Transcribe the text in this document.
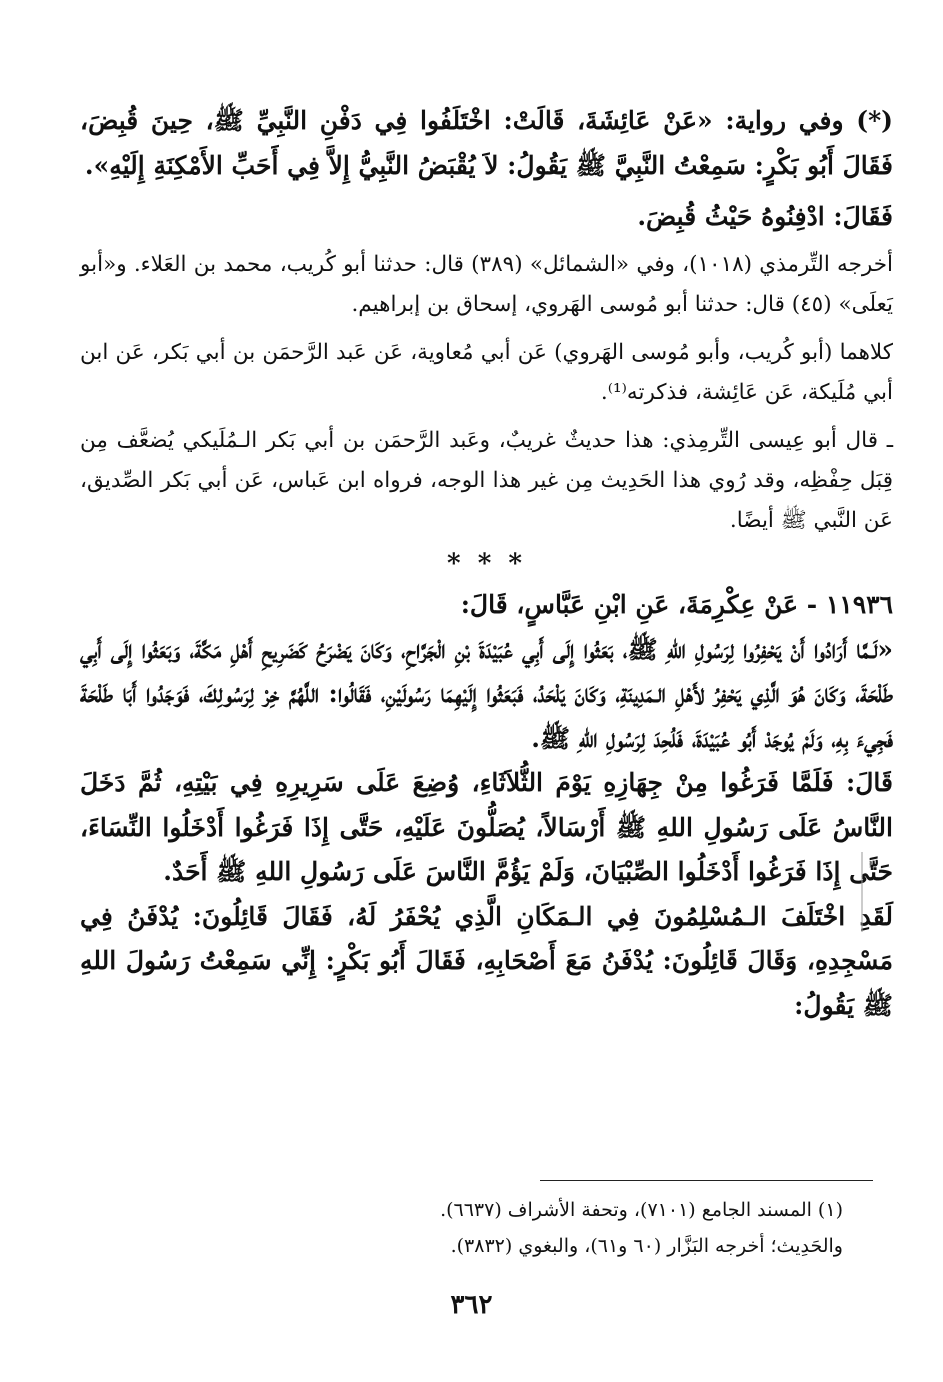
(*) وفي رواية: «عَنْ عَائِشَةَ، قَالَتْ: اخْتَلَفُوا فِي دَفْنِ النَّبِيِّ ﷺ، حِينَ قُبِضَ، فَقَالَ أَبُو بَكْرٍ: سَمِعْتُ النَّبِيَّ ﷺ يَقُولُ: لاَ يُقْبَضُ النَّبِيُّ إِلاَّ فِي أَحَبِّ الأَمْكِنَةِ إِلَيْهِ».

فَقَالَ: ادْفِنُوهُ حَيْثُ قُبِضَ.

أخرجه التِّرمذي (١٠١٨)، وفي «الشمائل» (٣٨٩) قال: حدثنا أبو كُريب، محمد بن العَلاء. و«أبو يَعلَى» (٤٥) قال: حدثنا أبو مُوسى الهَروي، إسحاق بن إبراهيم.

كلاهما (أبو كُريب، وأبو مُوسى الهَروي) عَن أبي مُعاوية، عَن عَبد الرَّحمَن بن أبي بَكر، عَن ابن أبي مُلَيكة، عَن عَائِشة، فذكرته⁽¹⁾.

ـ قال أبو عِيسى التِّرمِذي: هذا حديثٌ غريبٌ، وعَبد الرَّحمَن بن أبي بَكر الـمُلَيكي يُضعَّف مِن قِبَل حِفْظِه، وقد رُوي هذا الحَدِيث مِن غير هذا الوجه، فرواه ابن عَباس، عَن أبي بَكر الصِّديق، عَن النَّبي ﷺ أيضًا.

* * *

١١٩٣٦ - عَنْ عِكْرِمَةَ، عَنِ ابْنِ عَبَّاسٍ، قَالَ:

«لَـمَّا أَرَادُوا أَنْ يَحْفِرُوا لِرَسُولِ اللهِ ﷺ، بَعَثُوا إِلَى أَبِي عُبَيْدَةَ بْنِ الْجَرَّاحِ، وَكَانَ يَضْرَحُ كَضَرِيحِ أَهْلِ مَكَّةَ، وَبَعَثُوا إِلَى أَبِي طَلْحَةَ، وَكَانَ هُوَ الَّذِي يَحْفِرُ لأَهْلِ الـمَدِينَةِ، وَكَانَ يَلْحَدُ، فَبَعَثُوا إِلَيْهِمَا رَسُولَيْنِ، فَقَالُوا: اللَّهُمَّ خِرْ لِرَسُولِكَ، فَوَجَدُوا أَبَا طَلْحَةَ فَجِيءَ بِهِ، وَلَمْ يُوجَدْ أَبُو عُبَيْدَةَ، فَلُحِدَ لِرَسُولِ اللهِ ﷺ.

قَالَ: فَلَمَّا فَرَغُوا مِنْ جِهَازِهِ يَوْمَ الثُّلاَثَاءِ، وُضِعَ عَلَى سَرِيرِهِ فِي بَيْتِهِ، ثُمَّ دَخَلَ النَّاسُ عَلَى رَسُولِ اللهِ ﷺ أَرْسَالاً، يُصَلُّونَ عَلَيْهِ، حَتَّى إِذَا فَرَغُوا أَدْخَلُوا النِّسَاءَ، حَتَّى إِذَا فَرَغُوا أَدْخَلُوا الصِّبْيَانَ، وَلَمْ يَؤُمَّ النَّاسَ عَلَى رَسُولِ اللهِ ﷺ أَحَدٌ.

لَقَدِ اخْتَلَفَ الـمُسْلِمُونَ فِي الـمَكَانِ الَّذِي يُحْفَرُ لَهُ، فَقَالَ قَائِلُونَ: يُدْفَنُ فِي مَسْجِدِهِ، وَقَالَ قَائِلُونَ: يُدْفَنُ مَعَ أَصْحَابِهِ، فَقَالَ أَبُو بَكْرٍ: إِنِّي سَمِعْتُ رَسُولَ اللهِ ﷺ يَقُولُ:

(١) المسند الجامع (٧١٠١)، وتحفة الأشراف (٦٦٣٧).
والحَدِيث؛ أخرجه البَزَّار (٦٠ و٦١)، والبغوي (٣٨٣٢).
٣٦٢
